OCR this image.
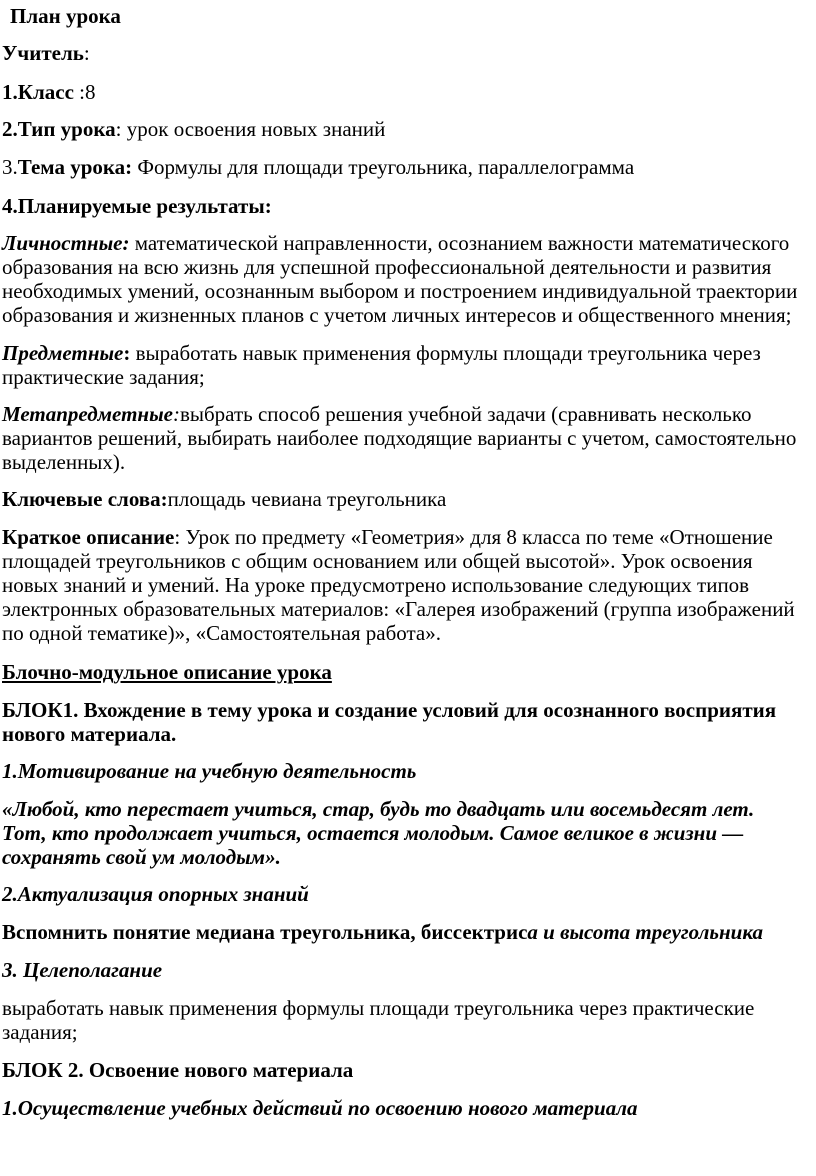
План урока

Учитель:

1.Класс :8

2.Тип урока: урок освоения новых знаний

3.Тема урока: Формулы для площади треугольника, параллелограмма

4.Планируемые результаты:

Личностные: математической направленности, осознанием важности математического образования на всю жизнь для успешной профессиональной деятельности и развития необходимых умений, осознанным выбором и построением индивидуальной траектории образования и жизненных планов с учетом личных интересов и общественного мнения;

Предметные: выработать навык применения формулы площади треугольника через практические задания;

Метапредметные:выбрать способ решения учебной задачи (сравнивать несколько вариантов решений, выбирать наиболее подходящие варианты с учетом, самостоятельно выделенных).

Ключевые слова:площадь чевиана треугольника

Краткое описание: Урок по предмету «Геометрия» для 8 класса по теме «Отношение площадей треугольников с общим основанием или общей высотой». Урок освоения новых знаний и умений. На уроке предусмотрено использование следующих типов электронных образовательных материалов: «Галерея изображений (группа изображений по одной тематике)», «Самостоятельная работа».

Блочно-модульное описание урока

БЛОК1. Вхождение в тему урока и создание условий для осознанного восприятия нового материала.

1.Мотивирование на учебную деятельность

«Любой, кто перестает учиться, стар, будь то двадцать или восемьдесят лет. Тот, кто продолжает учиться, остается молодым. Самое великое в жизни — сохранять свой ум молодым».

2.Актуализация опорных знаний

Вспомнить понятие медиана треугольника, биссектриса и высота треугольника

3. Целеполагание

выработать навык применения формулы площади треугольника через практические задания;

БЛОК 2. Освоение нового материала

1.Осуществление учебных действий по освоению нового материала
